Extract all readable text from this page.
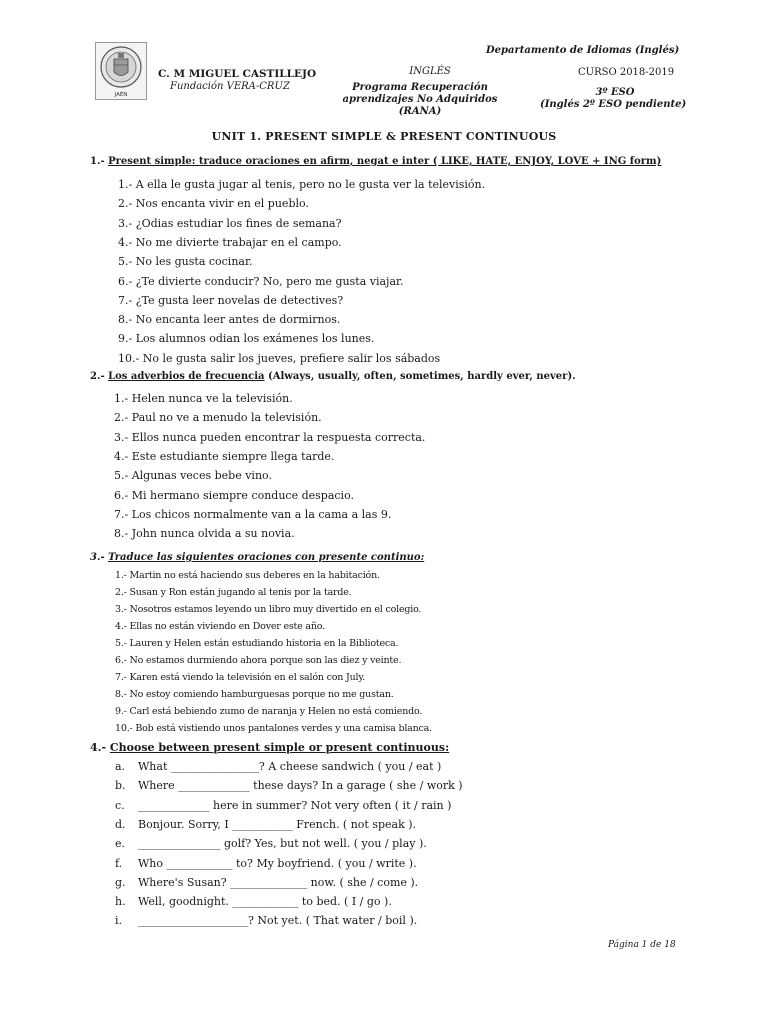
JAÉN
Departamento de Idiomas (Inglés)
C. M MIGUEL CASTILLEJO
Fundación VERA-CRUZ
INGLÉS
Programa Recuperación
aprendizajes No Adquiridos
(RANA)
CURSO 2018-2019
3º ESO
(Inglés 2º ESO pendiente)
UNIT 1. PRESENT SIMPLE & PRESENT CONTINUOUS
1.- Present simple: traduce oraciones en afirm, negat e inter ( LIKE, HATE, ENJOY, LOVE + ING form)
1.- A ella le gusta jugar al tenis, pero no le gusta ver la televisión.
2.- Nos encanta vivir en el pueblo.
3.- ¿Odias estudiar los fines de semana?
4.- No me divierte trabajar en el campo.
5.- No les gusta cocinar.
6.- ¿Te divierte conducir? No, pero me gusta viajar.
7.- ¿Te gusta leer novelas de detectives?
8.- No encanta leer antes de dormirnos.
9.- Los alumnos odian los exámenes los lunes.
10.- No le gusta salir los jueves, prefiere salir los sábados
2.- Los adverbios de frecuencia (Always, usually, often, sometimes, hardly ever, never).
1.- Helen nunca ve la televisión.
2.- Paul no ve a menudo la televisión.
3.- Ellos nunca pueden encontrar la respuesta correcta.
4.- Este estudiante siempre llega tarde.
5.- Algunas veces bebe vino.
6.- Mi hermano siempre conduce despacio.
7.- Los chicos normalmente van a la cama a las 9.
8.- John nunca olvida a su novia.
3.- Traduce las siguientes oraciones con presente continuo:
1.- Martin no está haciendo sus deberes en la habitación.
2.- Susan y Ron están jugando al tenis por la tarde.
3.- Nosotros estamos leyendo un libro muy divertido en el colegio.
4.- Ellas no están viviendo en Dover este año.
5.- Lauren y Helen están estudiando historia en la Biblioteca.
6.- No estamos durmiendo ahora porque son las diez y veinte.
7.- Karen está viendo la televisión en el salón con July.
8.- No estoy comiendo hamburguesas porque no me gustan.
9.- Carl está bebiendo zumo de naranja y Helen no está comiendo.
10.- Bob está vistiendo unos pantalones verdes y una camisa blanca.
4.- Choose between present simple or present continuous:
a. What ________________? A cheese sandwich ( you / eat )
b. Where _____________ these days? In a garage ( she / work )
c. _____________ here in summer? Not very often ( it / rain )
d. Bonjour. Sorry, I ___________ French. ( not speak ).
e. _______________ golf? Yes, but not well. ( you / play ).
f. Who ____________ to? My boyfriend. ( you / write ).
g. Where's Susan? ______________ now. ( she / come ).
h. Well, goodnight. ____________ to bed. ( I / go ).
i. ____________________? Not yet. ( That water / boil ).
Página 1 de 18
